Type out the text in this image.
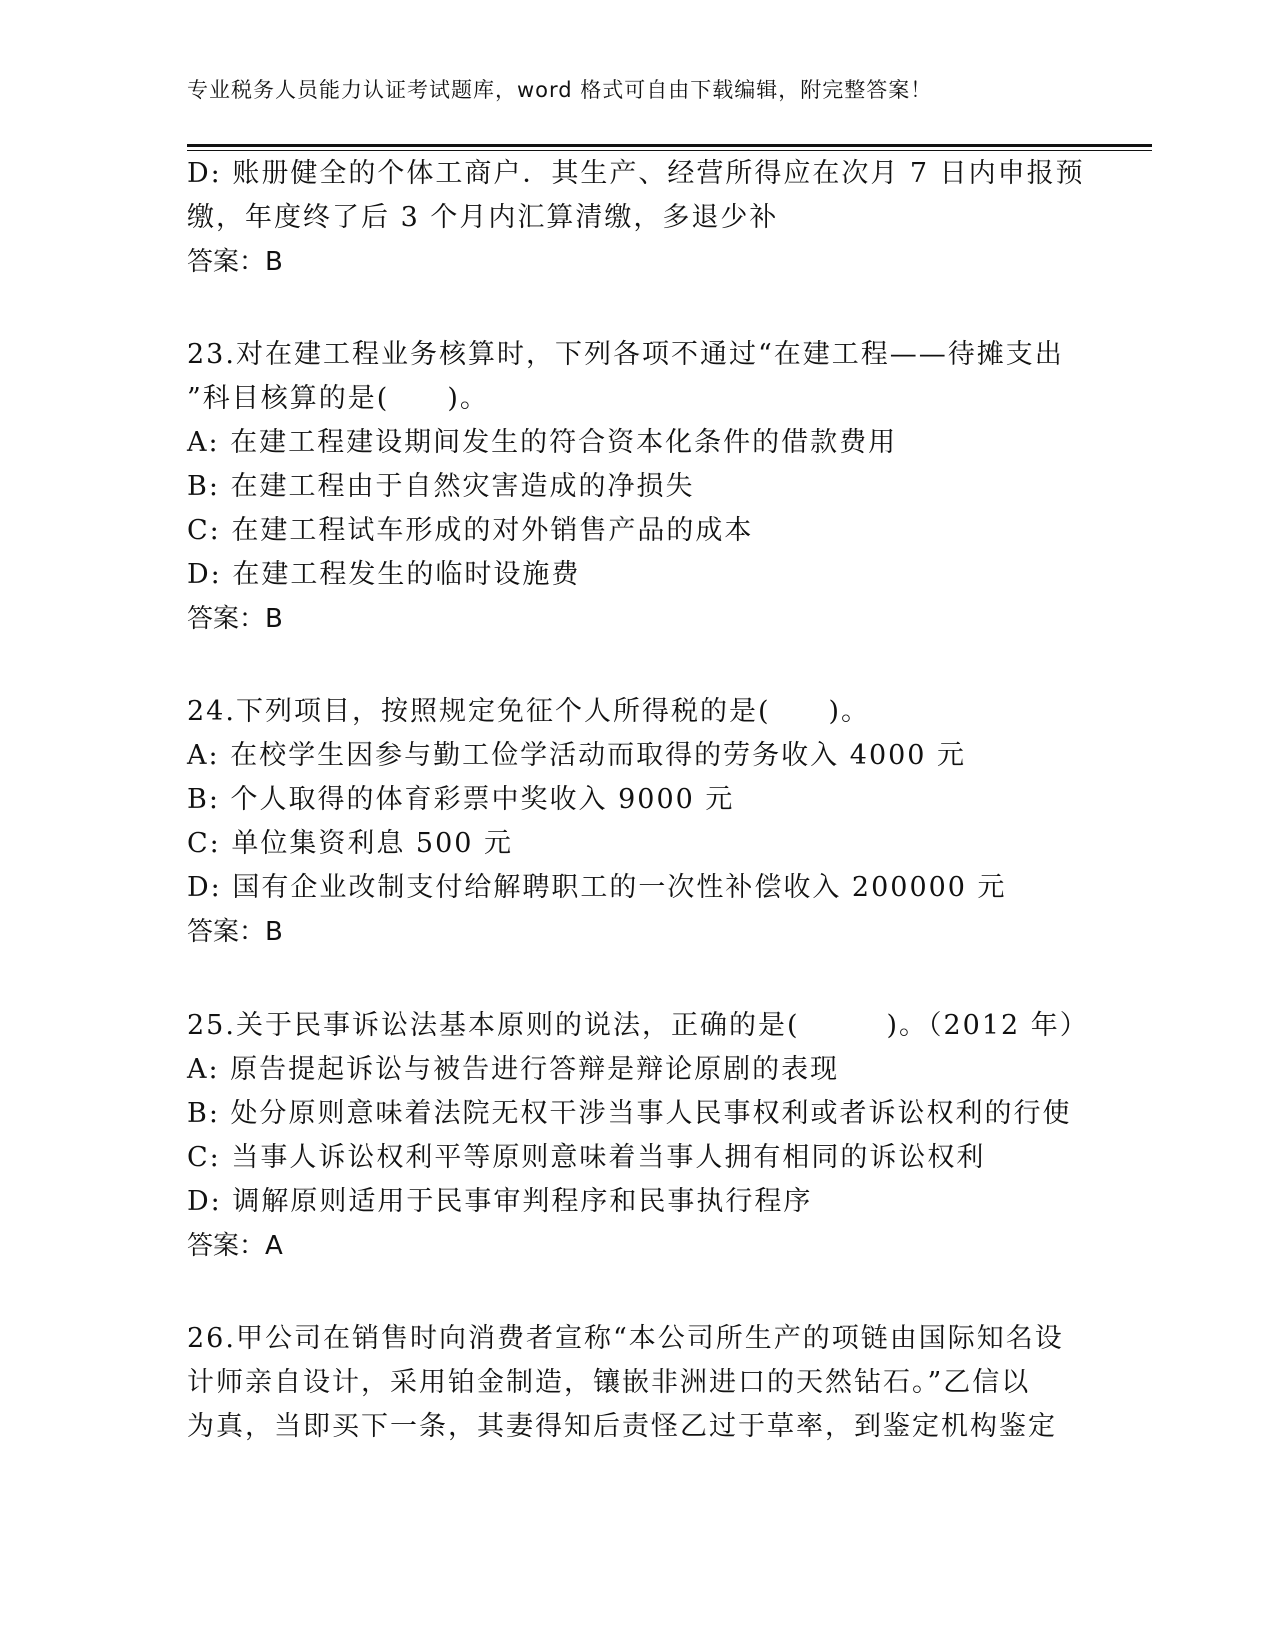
专业税务人员能力认证考试题库，word 格式可自由下载编辑，附完整答案！
D: 账册健全的个体工商户．其生产、经营所得应在次月 7 日内申报预
缴，年度终了后 3 个月内汇算清缴，多退少补
答案：B
23.对在建工程业务核算时，下列各项不通过“在建工程——待摊支出
”科目核算的是(　　)。
A: 在建工程建设期间发生的符合资本化条件的借款费用
B: 在建工程由于自然灾害造成的净损失
C: 在建工程试车形成的对外销售产品的成本
D: 在建工程发生的临时设施费
答案：B
24.下列项目，按照规定免征个人所得税的是(　　)。
A: 在校学生因参与勤工俭学活动而取得的劳务收入 4000 元
B: 个人取得的体育彩票中奖收入 9000 元
C: 单位集资利息 500 元
D: 国有企业改制支付给解聘职工的一次性补偿收入 200000 元
答案：B
25.关于民事诉讼法基本原则的说法，正确的是(　　　)。（2012 年）
A: 原告提起诉讼与被告进行答辩是辩论原剧的表现
B: 处分原则意味着法院无权干涉当事人民事权利或者诉讼权利的行使
C: 当事人诉讼权利平等原则意味着当事人拥有相同的诉讼权利
D: 调解原则适用于民事审判程序和民事执行程序
答案：A
26.甲公司在销售时向消费者宣称“本公司所生产的项链由国际知名设
计师亲自设计，采用铂金制造，镶嵌非洲进口的天然钻石。”乙信以
为真，当即买下一条，其妻得知后责怪乙过于草率，到鉴定机构鉴定
